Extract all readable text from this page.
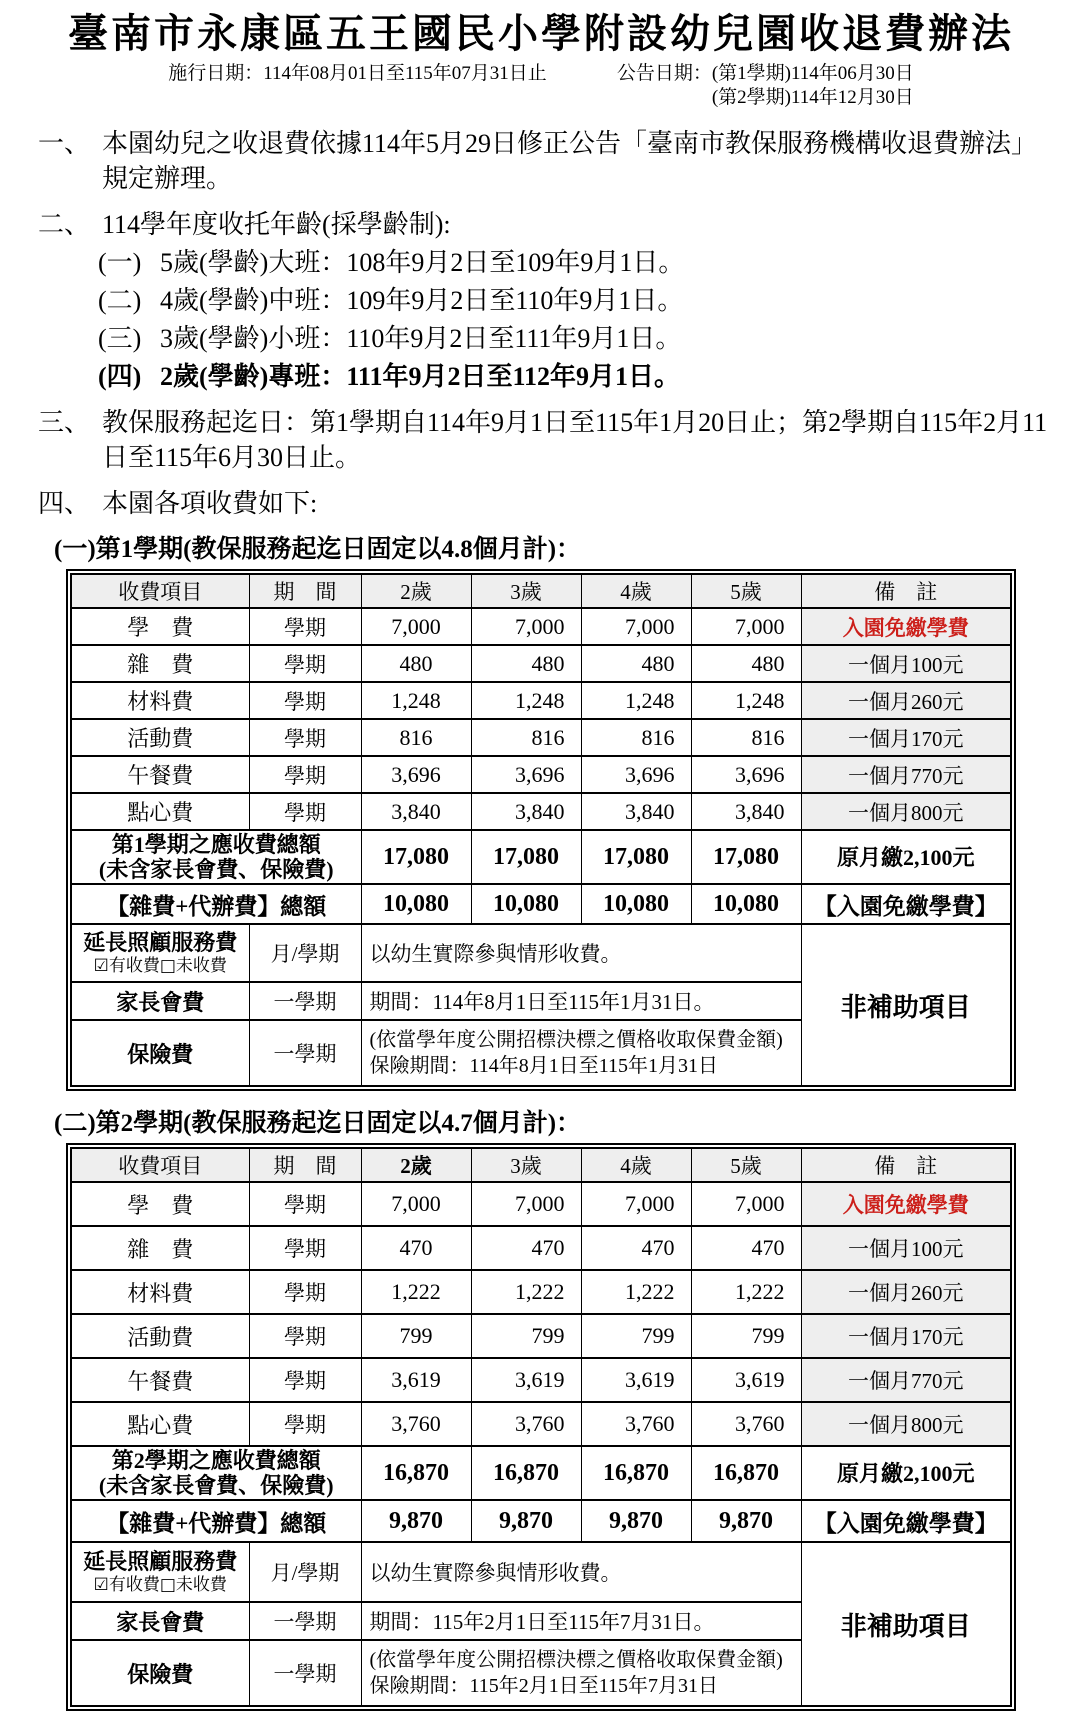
臺南市永康區五王國民小學附設幼兒園收退費辦法
施行日期：114年08月01日至115年07月31日止	公告日期：(第1學期)114年06月30日
(第2學期)114年12月30日
一、 本園幼兒之收退費依據114年5月29日修正公告「臺南市教保服務機構收退費辦法」規定辦理。
二、 114學年度收托年齡(採學齡制):
(一) 5歲(學齡)大班：108年9月2日至109年9月1日。
(二) 4歲(學齡)中班：109年9月2日至110年9月1日。
(三) 3歲(學齡)小班：110年9月2日至111年9月1日。
(四) 2歲(學齡)專班：111年9月2日至112年9月1日。
三、 教保服務起迄日：第1學期自114年9月1日至115年1月20日止；第2學期自115年2月11日至115年6月30日止。
四、 本園各項收費如下:
(一)第1學期(教保服務起迄日固定以4.8個月計)：
收費項目	期　間	2歲	3歲	4歲	5歲	備　註
學　費	學期	7,000	7,000	7,000	7,000	入園免繳學費
雜　費	學期	480	480	480	480	一個月100元
材料費	學期	1,248	1,248	1,248	1,248	一個月260元
活動費	學期	816	816	816	816	一個月170元
午餐費	學期	3,696	3,696	3,696	3,696	一個月770元
點心費	學期	3,840	3,840	3,840	3,840	一個月800元

第1學期之應收費總額
(未含家長會費、保險費)		17,080	17,080	17,080	17,080	原月繳2,100元
【雜費+代辦費】總額		10,080	10,080	10,080	10,080	【入園免繳學費】

延長照顧服務費
☑有收費□未收費	月/學期	以幼生實際參與情形收費。				非補助項目
家長會費	一學期	期間：114年8月1日至115年1月31日。				
保險費	一學期	(依當學年度公開招標決標之價格收取保費金額)
保險期間：114年8月1日至115年1月31日				
(二)第2學期(教保服務起迄日固定以4.7個月計)：
收費項目	期　間	2歲	3歲	4歲	5歲	備　註
學　費	學期	7,000	7,000	7,000	7,000	入園免繳學費
雜　費	學期	470	470	470	470	一個月100元
材料費	學期	1,222	1,222	1,222	1,222	一個月260元
活動費	學期	799	799	799	799	一個月170元
午餐費	學期	3,619	3,619	3,619	3,619	一個月770元
點心費	學期	3,760	3,760	3,760	3,760	一個月800元

第2學期之應收費總額
(未含家長會費、保險費)		16,870	16,870	16,870	16,870	原月繳2,100元
【雜費+代辦費】總額		9,870	9,870	9,870	9,870	【入園免繳學費】

延長照顧服務費
☑有收費□未收費	月/學期	以幼生實際參與情形收費。				非補助項目
家長會費	一學期	期間：115年2月1日至115年7月31日。				
保險費	一學期	(依當學年度公開招標決標之價格收取保費金額)
保險期間：115年2月1日至115年7月31日				
